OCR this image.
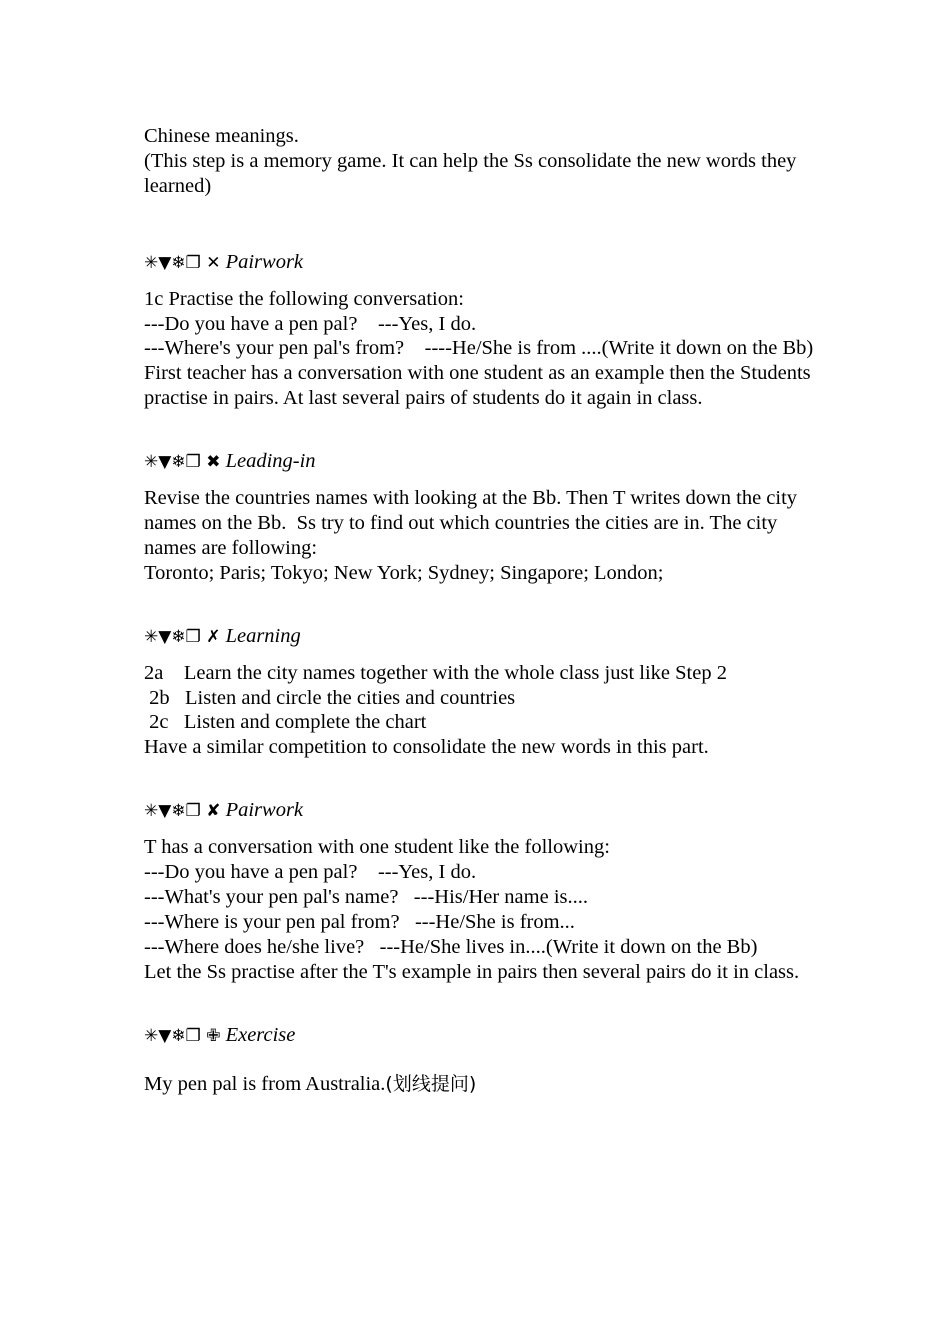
Chinese meanings.

(This step is a memory game. It can help the Ss consolidate the new words they learned)

✳▼❄❐ ✕ Pairwork

1c Practise the following conversation:

---Do you have a pen pal?    ---Yes, I do.

---Where's your pen pal's from?    ----He/She is from ....(Write it down on the Bb)

First teacher has a conversation with one student as an example then the Students practise in pairs. At last several pairs of students do it again in class.

✳▼❄❐ ✖ Leading-in

Revise the countries names with looking at the Bb. Then T writes down the city names on the Bb.  Ss try to find out which countries the cities are in. The city names are following:

Toronto; Paris; Tokyo; New York; Sydney; Singapore; London;

✳▼❄❐ ✗ Learning

2a    Learn the city names together with the whole class just like Step 2

2b   Listen and circle the cities and countries

2c   Listen and complete the chart

Have a similar competition to consolidate the new words in this part.

✳▼❄❐ ✘ Pairwork

T has a conversation with one student like the following:

---Do you have a pen pal?    ---Yes, I do.

---What's your pen pal's name?   ---His/Her name is....

---Where is your pen pal from?   ---He/She is from...

---Where does he/she live?   ---He/She lives in....(Write it down on the Bb)

Let the Ss practise after the T's example in pairs then several pairs do it in class.

✳▼❄❐ ✙ Exercise

My pen pal is from Australia.(划线提问)
